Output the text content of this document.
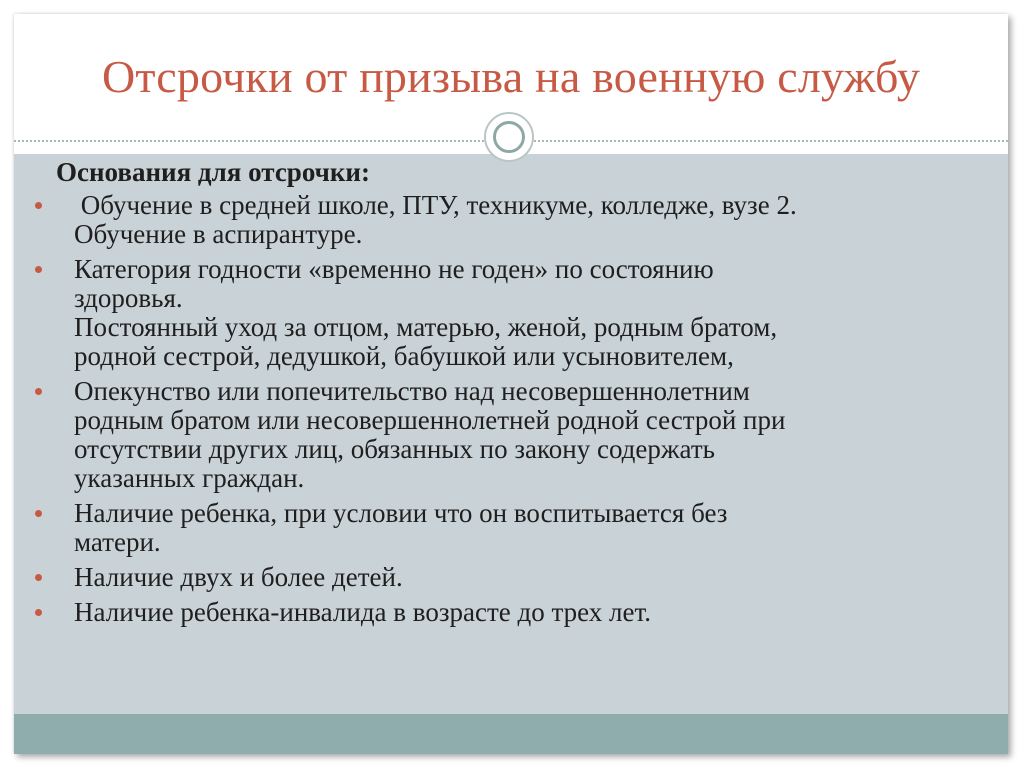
Отсрочки от призыва на военную службу
Основания для отсрочки:
Обучение в средней школе, ПТУ, техникуме, колледже, вузе 2.
Обучение в аспирантуре.
Категория годности «временно не годен» по состоянию
здоровья.
Постоянный уход за отцом, матерью, женой, родным братом,
родной сестрой, дедушкой, бабушкой или усыновителем,
Опекунство или попечительство над несовершеннолетним
родным братом или несовершеннолетней родной сестрой при
отсутствии других лиц, обязанных по закону содержать
указанных граждан.
Наличие ребенка, при условии что он воспитывается без
матери.
Наличие двух и более детей.
Наличие ребенка-инвалида в возрасте до трех лет.
